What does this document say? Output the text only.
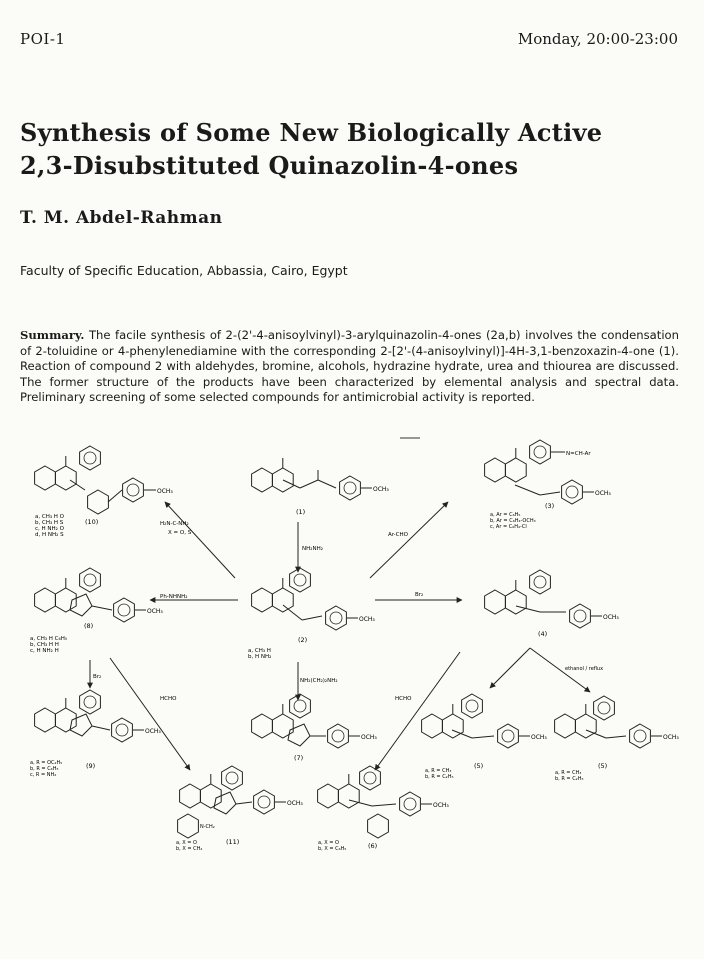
POI-1	Monday, 20:00-23:00
Synthesis of Some New Biologically Active
2,3-Disubstituted Quinazolin-4-ones
T. M. Abdel-Rahman
Faculty of Specific Education, Abbassia, Cairo, Egypt
Summary. The facile synthesis of 2-(2'-4-anisoylvinyl)-3-arylquinazolin-4-ones (2a,b) involves the condensation of 2-toluidine or 4-phenylenediamine with the corresponding 2-[2'-(4-anisoylvinyl)]-4H-3,1-benzoxazin-4-one (1). Reaction of compound 2 with aldehydes, bromine, alcohols, hydrazine hydrate, urea and thiourea are discussed. The former structure of the products have been characterized by elemental analysis and spectral data. Preliminary screening of some selected compounds for antimicrobial activity is reported.
OCH₃
a, CH₃ H O
b, CH₃ H S
c, H NH₂ O
d, H NH₂ S
(10)
OCH₃
(1)
N=CH-Ar
OCH₃
(3)
a, Ar = C₆H₅
b, Ar = C₆H₄-OCH₃
c, Ar = C₆H₄-Cl
OCH₃
(8)
a, CH₃ H C₆H₅
b, CH₃ H H
c, H NH₂ H
OCH₃
(2)
a, CH₃ H
b, H NH₂
OCH₃
(4)
OCH₃
(9)
a, R = OC₂H₅
b, R = C₆H₅
c, R = NH₂
OCH₃
(7)
OCH₃
(5)
a, R = CH₃
b, R = C₂H₅
OCH₃
(5)
a, R = CH₃
b, R = C₂H₅
OCH₃
N-CH₂
(11)
a, X = O
b, X = CH₂
OCH₃
(6)
a, X = O
b, X = C₆H₅
NH₂NH₂
Ph-NHNH₂	Br₂
H₂N-C-NH₂
X = O, S	Ar-CHO
NH₂(CH₂)₂NH₂
Br₂
HCHO	HCHO
ethanol / reflux
